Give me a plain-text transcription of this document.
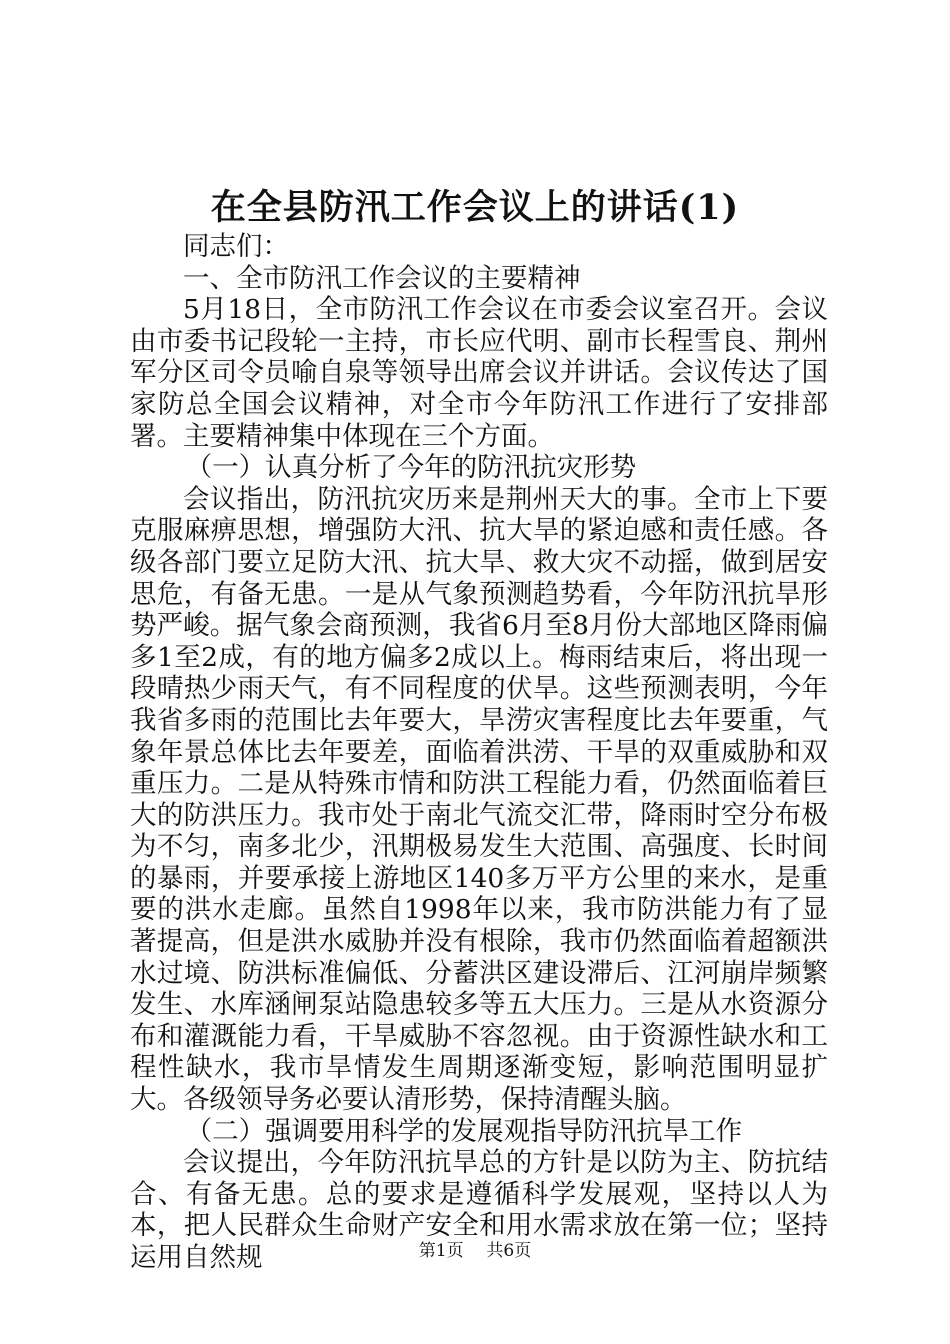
在全县防汛工作会议上的讲话(1)

同志们：

一、全市防汛工作会议的主要精神

5月18日，全市防汛工作会议在市委会议室召开。会议由市委书记段轮一主持，市长应代明、副市长程雪良、荆州军分区司令员喻自泉等领导出席会议并讲话。会议传达了国家防总全国会议精神，对全市今年防汛工作进行了安排部署。主要精神集中体现在三个方面。

（一）认真分析了今年的防汛抗灾形势

会议指出，防汛抗灾历来是荆州天大的事。全市上下要克服麻痹思想，增强防大汛、抗大旱的紧迫感和责任感。各级各部门要立足防大汛、抗大旱、救大灾不动摇，做到居安思危，有备无患。一是从气象预测趋势看，今年防汛抗旱形势严峻。据气象会商预测，我省6月至8月份大部地区降雨偏多1至2成，有的地方偏多2成以上。梅雨结束后，将出现一段晴热少雨天气，有不同程度的伏旱。这些预测表明，今年我省多雨的范围比去年要大，旱涝灾害程度比去年要重，气象年景总体比去年要差，面临着洪涝、干旱的双重威胁和双重压力。二是从特殊市情和防洪工程能力看，仍然面临着巨大的防洪压力。我市处于南北气流交汇带，降雨时空分布极为不匀，南多北少，汛期极易发生大范围、高强度、长时间的暴雨，并要承接上游地区140多万平方公里的来水，是重要的洪水走廊。虽然自1998年以来，我市防洪能力有了显著提高，但是洪水威胁并没有根除，我市仍然面临着超额洪水过境、防洪标准偏低、分蓄洪区建设滞后、江河崩岸频繁发生、水库涵闸泵站隐患较多等五大压力。三是从水资源分布和灌溉能力看，干旱威胁不容忽视。由于资源性缺水和工程性缺水，我市旱情发生周期逐渐变短，影响范围明显扩大。各级领导务必要认清形势，保持清醒头脑。

（二）强调要用科学的发展观指导防汛抗旱工作

会议提出，今年防汛抗旱总的方针是以防为主、防抗结合、有备无患。总的要求是遵循科学发展观，坚持以人为本，把人民群众生命财产安全和用水需求放在第一位；坚持运用自然规	第1页 共6页
